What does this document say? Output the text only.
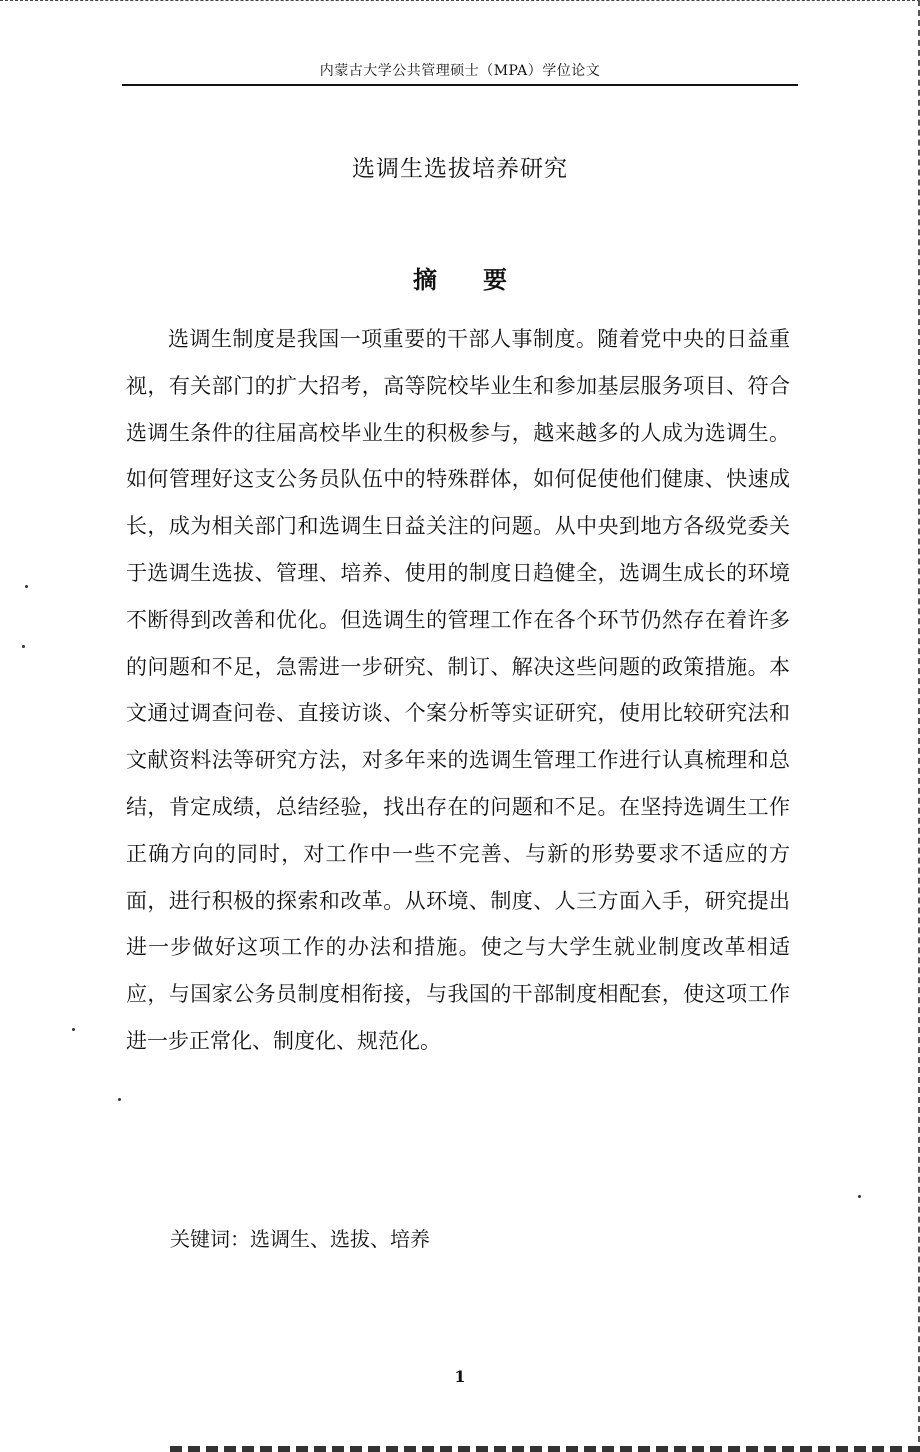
内蒙古大学公共管理硕士（MPA）学位论文
选调生选拔培养研究
摘要
选调生制度是我国一项重要的干部人事制度。随着党中央的日益重视，有关部门的扩大招考，高等院校毕业生和参加基层服务项目、符合选调生条件的往届高校毕业生的积极参与，越来越多的人成为选调生。如何管理好这支公务员队伍中的特殊群体，如何促使他们健康、快速成长，成为相关部门和选调生日益关注的问题。从中央到地方各级党委关于选调生选拔、管理、培养、使用的制度日趋健全，选调生成长的环境不断得到改善和优化。但选调生的管理工作在各个环节仍然存在着许多的问题和不足，急需进一步研究、制订、解决这些问题的政策措施。本文通过调查问卷、直接访谈、个案分析等实证研究，使用比较研究法和文献资料法等研究方法，对多年来的选调生管理工作进行认真梳理和总结，肯定成绩，总结经验，找出存在的问题和不足。在坚持选调生工作正确方向的同时，对工作中一些不完善、与新的形势要求不适应的方面，进行积极的探索和改革。从环境、制度、人三方面入手，研究提出进一步做好这项工作的办法和措施。使之与大学生就业制度改革相适应，与国家公务员制度相衔接，与我国的干部制度相配套，使这项工作进一步正常化、制度化、规范化。
关键词：选调生、选拔、培养
1
